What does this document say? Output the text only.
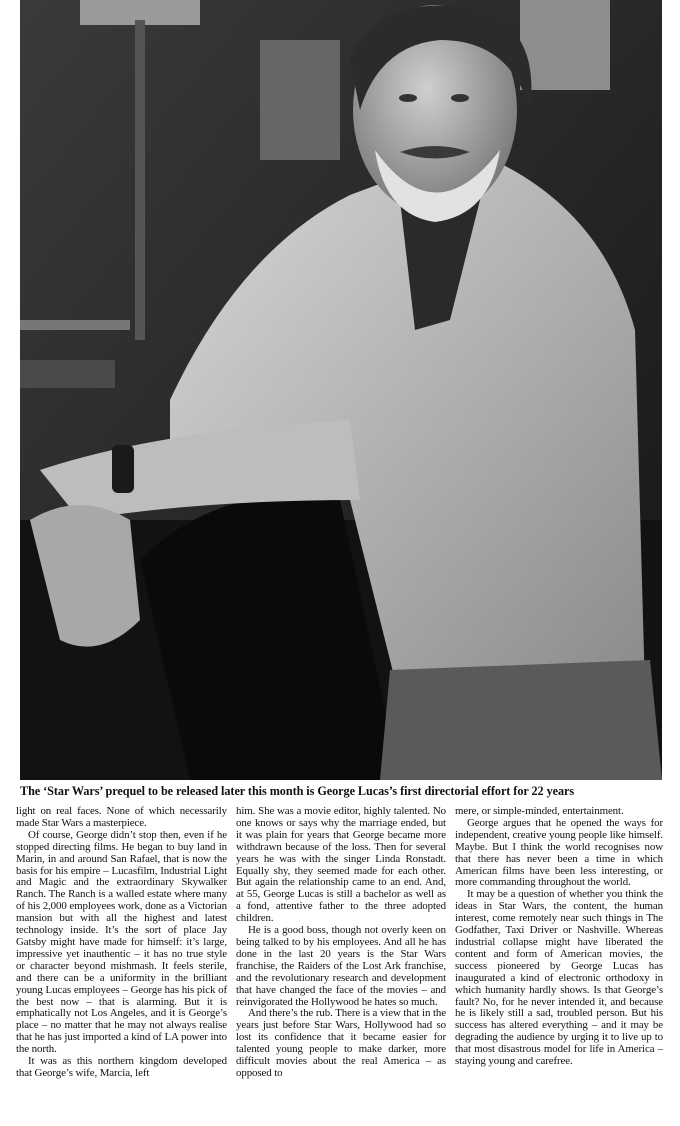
The ‘Star Wars’ prequel to be released later this month is George Lucas’s first directorial effort for 22 years

light on real faces. None of which necessarily made Star Wars a masterpiece.

Of course, George didn’t stop then, even if he stopped directing films. He began to buy land in Marin, in and around San Rafael, that is now the basis for his empire – Lucasfilm, Industrial Light and Magic and the extraordinary Skywalker Ranch. The Ranch is a walled estate where many of his 2,000 employees work, done as a Victorian mansion but with all the highest and latest technology inside. It’s the sort of place Jay Gatsby might have made for himself: it’s large, impressive yet inauthentic – it has no true style or character beyond mishmash. It feels sterile, and there can be a uniformity in the brilliant young Lucas employees – George has his pick of the best now – that is alarming. But it is emphatically not Los Angeles, and it is George’s place – no matter that he may not always realise that he has just imported a kind of LA power into the north.

It was as this northern kingdom developed that George’s wife, Marcia, left

him. She was a movie editor, highly talented. No one knows or says why the marriage ended, but it was plain for years that George became more withdrawn because of the loss. Then for several years he was with the singer Linda Ronstadt. Equally shy, they seemed made for each other. But again the relationship came to an end. And, at 55, George Lucas is still a bachelor as well as a fond, attentive father to the three adopted children.

He is a good boss, though not overly keen on being talked to by his employees. And all he has done in the last 20 years is the Star Wars franchise, the Raiders of the Lost Ark franchise, and the revolutionary research and development that have changed the face of the movies – and reinvigorated the Hollywood he hates so much.

And there’s the rub. There is a view that in the years just before Star Wars, Hollywood had so lost its confidence that it became easier for talented young people to make darker, more difficult movies about the real America – as opposed to

mere, or simple-minded, entertainment.

George argues that he opened the ways for independent, creative young people like himself. Maybe. But I think the world recognises now that there has never been a time in which American films have been less interesting, or more commanding throughout the world.

It may be a question of whether you think the ideas in Star Wars, the content, the human interest, come remotely near such things in The Godfather, Taxi Driver or Nashville. Whereas industrial collapse might have liberated the content and form of American movies, the success pioneered by George Lucas has inaugurated a kind of electronic orthodoxy in which humanity hardly shows. Is that George’s fault? No, for he never intended it, and because he is likely still a sad, troubled person. But his success has altered everything – and it may be degrading the audience by urging it to live up to that most disastrous model for life in America – staying young and carefree.
